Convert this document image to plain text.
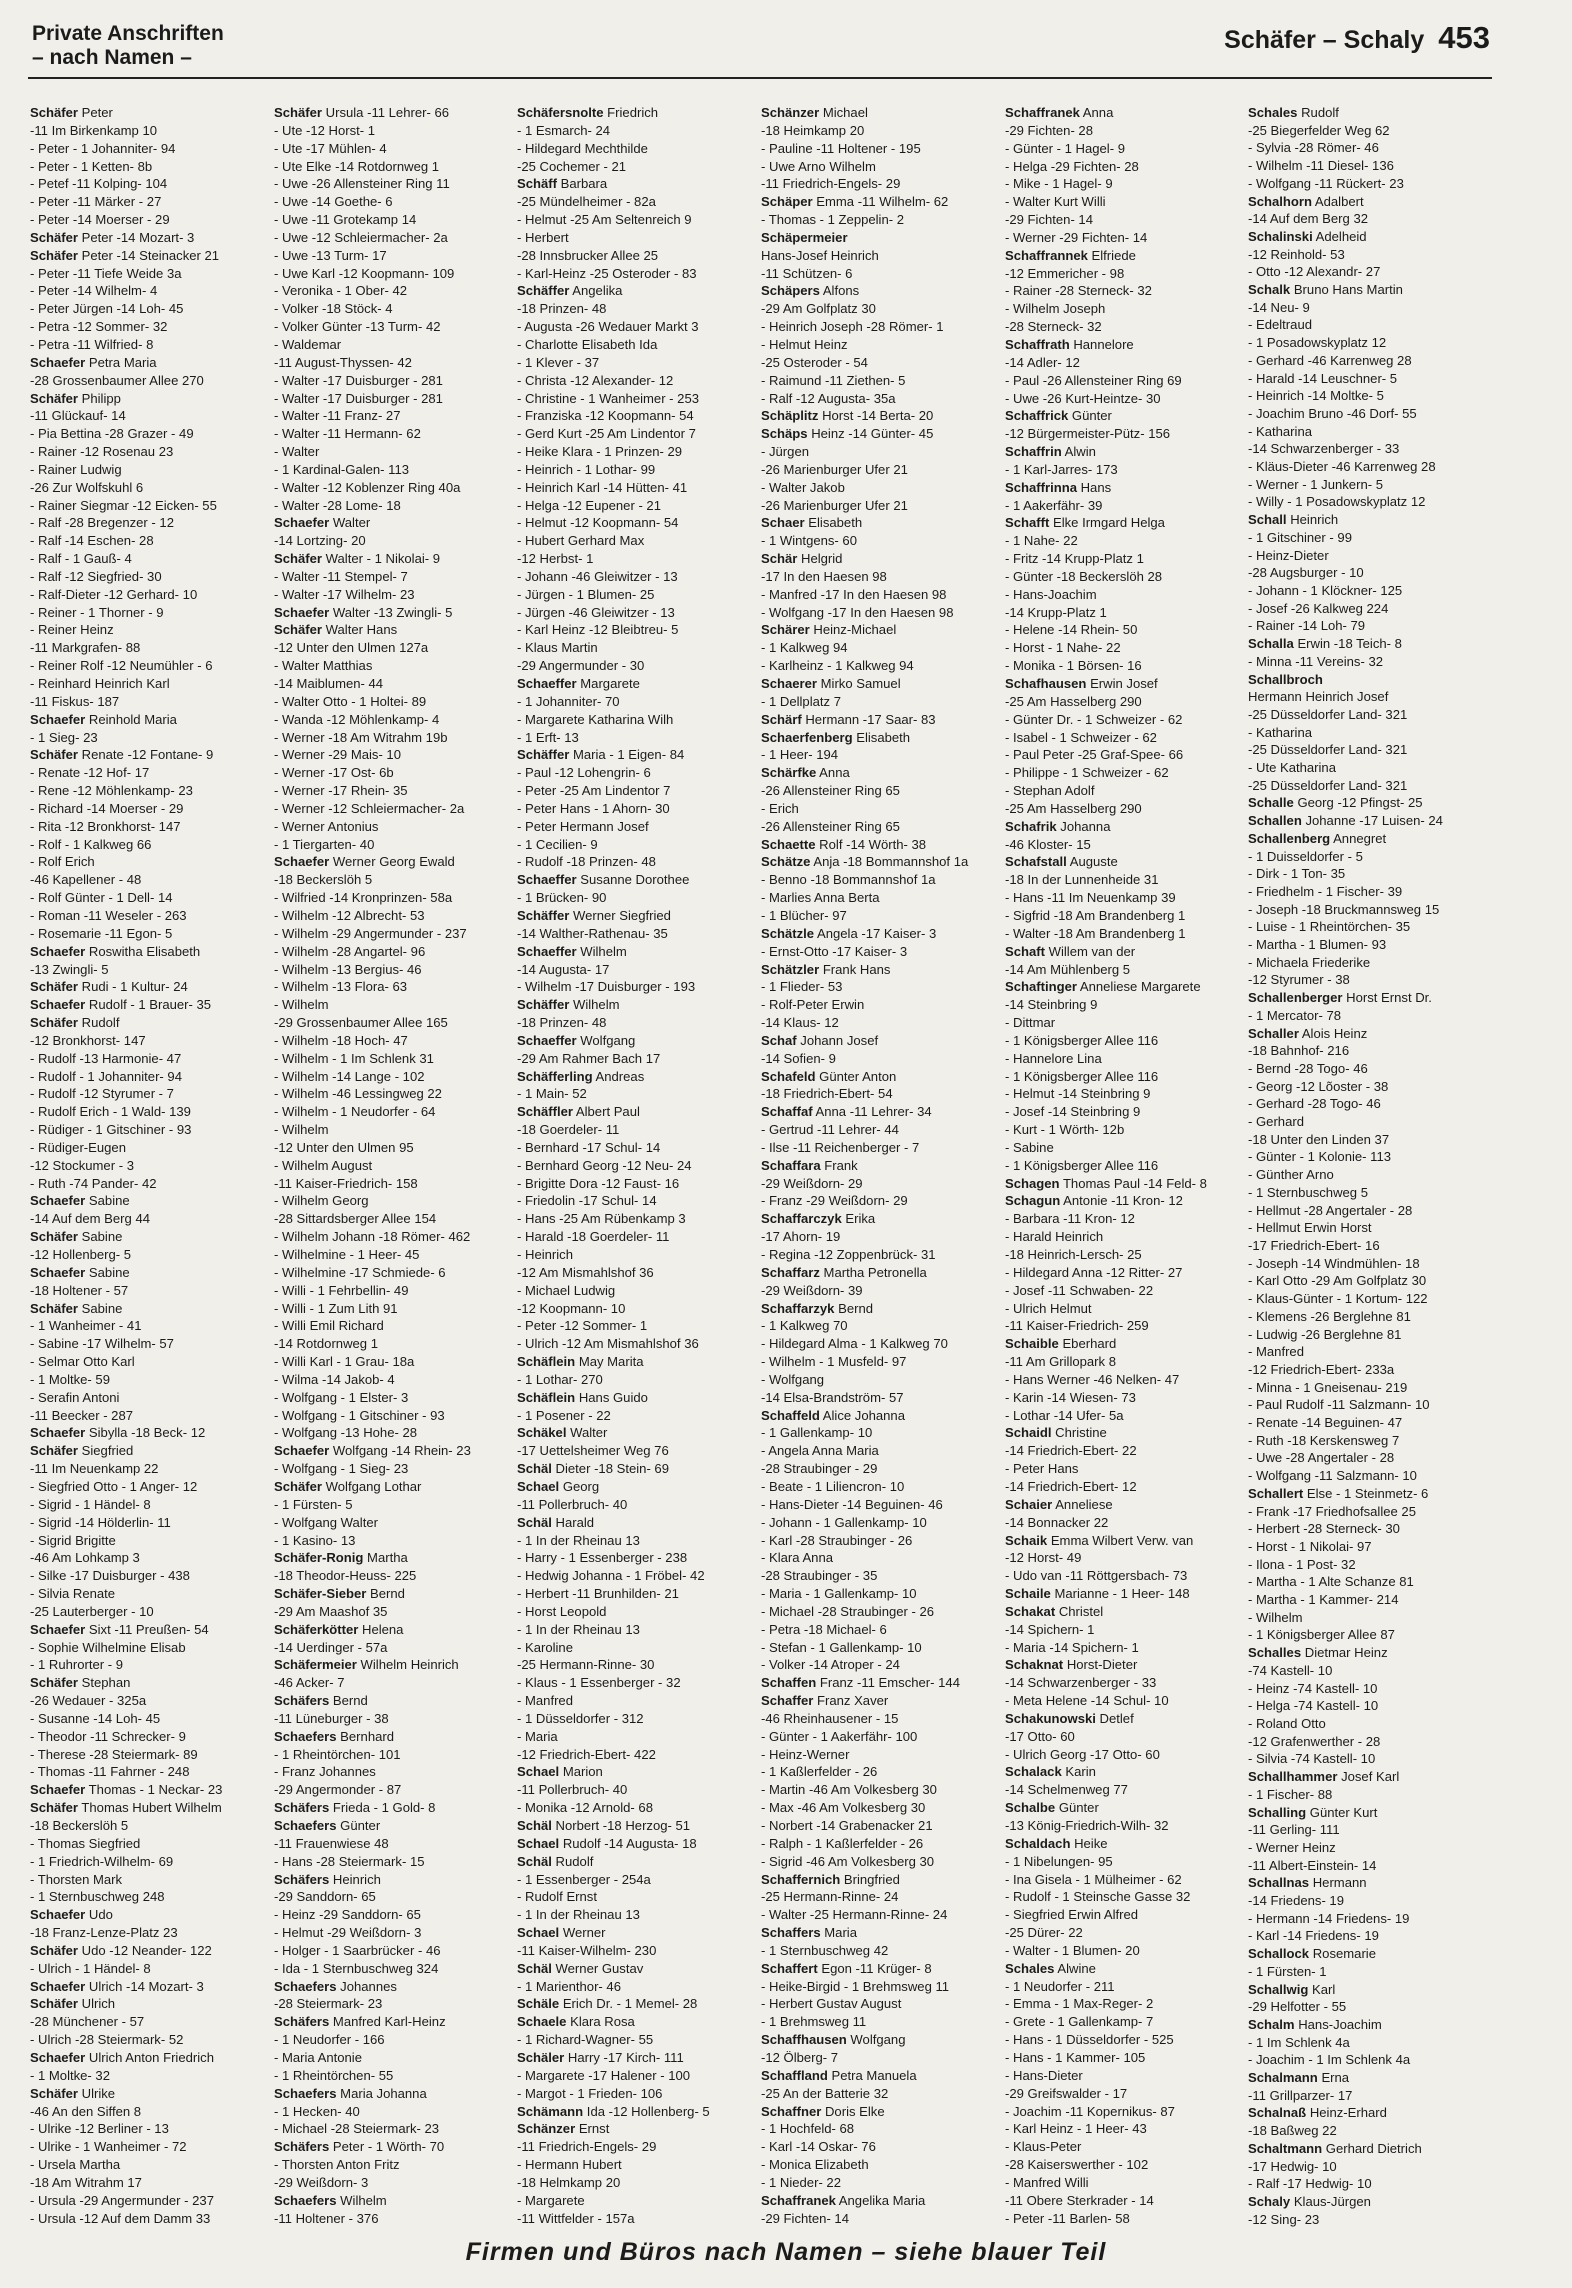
Private Anschriften
– nach Namen –
Schäfer – Schaly 453
Schäfer Peter
-11 Im Birkenkamp 10
- Peter - 1 Johanniter- 94
- Peter - 1 Ketten- 8b
- Petef -11 Kolping- 104
- Peter -11 Märker - 27
- Peter -14 Moerser - 29
Schäfer Peter -14 Mozart- 3
Schäfer Peter -14 Steinacker 21
- Peter -11 Tiefe Weide 3a
- Peter -14 Wilhelm- 4
- Peter Jürgen -14 Loh- 45
- Petra -12 Sommer- 32
- Petra -11 Wilfried- 8
Schaefer Petra Maria
-28 Grossenbaumer Allee 270
Schäfer Philipp
-11 Glückauf- 14
- Pia Bettina -28 Grazer - 49
- Rainer -12 Rosenau 23
- Rainer Ludwig
-26 Zur Wolfskuhl 6
- Rainer Siegmar -12 Eicken- 55
- Ralf -28 Bregenzer - 12
- Ralf -14 Eschen- 28
- Ralf - 1 Gauß- 4
- Ralf -12 Siegfried- 30
- Ralf-Dieter -12 Gerhard- 10
- Reiner - 1 Thorner - 9
- Reiner Heinz
-11 Markgrafen- 88
- Reiner Rolf -12 Neumühler - 6
- Reinhard Heinrich Karl
-11 Fiskus- 187
Schaefer Reinhold Maria
- 1 Sieg- 23
Schäfer Renate -12 Fontane- 9
- Renate -12 Hof- 17
- Rene -12 Möhlenkamp- 23
- Richard -14 Moerser - 29
- Rita -12 Bronkhorst- 147
- Rolf - 1 Kalkweg 66
- Rolf Erich
-46 Kapellener - 48
- Rolf Günter - 1 Dell- 14
- Roman -11 Weseler - 263
- Rosemarie -11 Egon- 5
Schaefer Roswitha Elisabeth
-13 Zwingli- 5
Schäfer Rudi - 1 Kultur- 24
Schaefer Rudolf - 1 Brauer- 35
Schäfer Rudolf
-12 Bronkhorst- 147
- Rudolf -13 Harmonie- 47
- Rudolf - 1 Johanniter- 94
- Rudolf -12 Styrumer - 7
- Rudolf Erich - 1 Wald- 139
- Rüdiger - 1 Gitschiner - 93
- Rüdiger-Eugen
-12 Stockumer - 3
- Ruth -74 Pander- 42
Schaefer Sabine
-14 Auf dem Berg 44
Schäfer Sabine
-12 Hollenberg- 5
Schaefer Sabine
-18 Holtener - 57
Schäfer Sabine
- 1 Wanheimer - 41
- Sabine -17 Wilhelm- 57
- Selmar Otto Karl
- 1 Moltke- 59
- Serafin Antoni
-11 Beecker - 287
Schaefer Sibylla -18 Beck- 12
Schäfer Siegfried
-11 Im Neuenkamp 22
- Siegfried Otto - 1 Anger- 12
- Sigrid - 1 Händel- 8
- Sigrid -14 Hölderlin- 11
- Sigrid Brigitte
-46 Am Lohkamp 3
- Silke -17 Duisburger - 438
- Silvia Renate
-25 Lauterberger - 10
Schaefer Sixt -11 Preußen- 54
- Sophie Wilhelmine Elisab
- 1 Ruhrorter - 9
Schäfer Stephan
-26 Wedauer - 325a
- Susanne -14 Loh- 45
- Theodor -11 Schrecker- 9
- Therese -28 Steiermark- 89
- Thomas -11 Fahrner - 248
Schaefer Thomas - 1 Neckar- 23
Schäfer Thomas Hubert Wilhelm
-18 Beckerslöh 5
- Thomas Siegfried
- 1 Friedrich-Wilhelm- 69
- Thorsten Mark
- 1 Sternbuschweg 248
Schaefer Udo
-18 Franz-Lenze-Platz 23
Schäfer Udo -12 Neander- 122
- Ulrich - 1 Händel- 8
Schaefer Ulrich -14 Mozart- 3
Schäfer Ulrich
-28 Münchener - 57
- Ulrich -28 Steiermark- 52
Schaefer Ulrich Anton Friedrich
- 1 Moltke- 32
Schäfer Ulrike
-46 An den Siffen 8
- Ulrike -12 Berliner - 13
- Ulrike - 1 Wanheimer - 72
- Ursela Martha
-18 Am Witrahm 17
- Ursula -29 Angermunder - 237
- Ursula -12 Auf dem Damm 33
Schäfer Ursula -11 Lehrer- 66
- Ute -12 Horst- 1
- Ute -17 Mühlen- 4
- Ute Elke -14 Rotdornweg 1
- Uwe -26 Allensteiner Ring 11
- Uwe -14 Goethe- 6
- Uwe -11 Grotekamp 14
- Uwe -12 Schleiermacher- 2a
- Uwe -13 Turm- 17
- Uwe Karl -12 Koopmann- 109
- Veronika - 1 Ober- 42
- Volker -18 Stöck- 4
- Volker Günter -13 Turm- 42
- Waldemar
-11 August-Thyssen- 42
- Walter -17 Duisburger - 281
- Walter -17 Duisburger - 281
- Walter -11 Franz- 27
- Walter -11 Hermann- 62
- Walter
- 1 Kardinal-Galen- 113
- Walter -12 Koblenzer Ring 40a
- Walter -28 Lome- 18
Schaefer Walter
-14 Lortzing- 20
Schäfer Walter - 1 Nikolai- 9
- Walter -11 Stempel- 7
- Walter -17 Wilhelm- 23
Schaefer Walter -13 Zwingli- 5
Schäfer Walter Hans
-12 Unter den Ulmen 127a
- Walter Matthias
-14 Maiblumen- 44
- Walter Otto - 1 Holtei- 89
- Wanda -12 Möhlenkamp- 4
- Werner -18 Am Witrahm 19b
- Werner -29 Mais- 10
- Werner -17 Ost- 6b
- Werner -17 Rhein- 35
- Werner -12 Schleiermacher- 2a
- Werner Antonius
- 1 Tiergarten- 40
Schaefer Werner Georg Ewald
-18 Beckerslöh 5
- Wilfried -14 Kronprinzen- 58a
- Wilhelm -12 Albrecht- 53
- Wilhelm -29 Angermunder - 237
- Wilhelm -28 Angartel- 96
- Wilhelm -13 Bergius- 46
- Wilhelm -13 Flora- 63
- Wilhelm
-29 Grossenbaumer Allee 165
- Wilhelm -18 Hoch- 47
- Wilhelm - 1 Im Schlenk 31
- Wilhelm -14 Lange - 102
- Wilhelm -46 Lessingweg 22
- Wilhelm - 1 Neudorfer - 64
- Wilhelm
-12 Unter den Ulmen 95
- Wilhelm August
-11 Kaiser-Friedrich- 158
- Wilhelm Georg
-28 Sittardsberger Allee 154
- Wilhelm Johann -18 Römer- 462
- Wilhelmine - 1 Heer- 45
- Wilhelmine -17 Schmiede- 6
- Willi - 1 Fehrbellin- 49
- Willi - 1 Zum Lith 91
- Willi Emil Richard
-14 Rotdornweg 1
- Willi Karl - 1 Grau- 18a
- Wilma -14 Jakob- 4
- Wolfgang - 1 Elster- 3
- Wolfgang - 1 Gitschiner - 93
- Wolfgang -13 Hohe- 28
Schaefer Wolfgang -14 Rhein- 23
- Wolfgang - 1 Sieg- 23
Schäfer Wolfgang Lothar
- 1 Fürsten- 5
- Wolfgang Walter
- 1 Kasino- 13
Schäfer-Ronig Martha
-18 Theodor-Heuss- 225
Schäfer-Sieber Bernd
-29 Am Maashof 35
Schäferkötter Helena
-14 Uerdinger - 57a
Schäfermeier Wilhelm Heinrich
-46 Acker- 7
Schäfers Bernd
-11 Lüneburger - 38
Schaefers Bernhard
- 1 Rheintörchen- 101
- Franz Johannes
-29 Angermonder - 87
Schäfers Frieda - 1 Gold- 8
Schaefers Günter
-11 Frauenwiese 48
- Hans -28 Steiermark- 15
Schäfers Heinrich
-29 Sanddorn- 65
- Heinz -29 Sanddorn- 65
- Helmut -29 Weißdorn- 3
- Holger - 1 Saarbrücker - 46
- Ida - 1 Sternbuschweg 324
Schaefers Johannes
-28 Steiermark- 23
Schäfers Manfred Karl-Heinz
- 1 Neudorfer - 166
- Maria Antonie
- 1 Rheintörchen- 55
Schaefers Maria Johanna
- 1 Hecken- 40
- Michael -28 Steiermark- 23
Schäfers Peter - 1 Wörth- 70
- Thorsten Anton Fritz
-29 Weißdorn- 3
Schaefers Wilhelm
-11 Holtener - 376
Schäfersnolte Friedrich
- 1 Esmarch- 24
- Hildegard Mechthilde
-25 Cochemer - 21
Schäff Barbara
-25 Mündelheimer - 82a
- Helmut -25 Am Seltenreich 9
- Herbert
-28 Innsbrucker Allee 25
- Karl-Heinz -25 Osteroder - 83
Schäffer Angelika
-18 Prinzen- 48
- Augusta -26 Wedauer Markt 3
- Charlotte Elisabeth Ida
- 1 Klever - 37
- Christa -12 Alexander- 12
- Christine - 1 Wanheimer - 253
- Franziska -12 Koopmann- 54
- Gerd Kurt -25 Am Lindentor 7
- Heike Klara - 1 Prinzen- 29
- Heinrich - 1 Lothar- 99
- Heinrich Karl -14 Hütten- 41
- Helga -12 Eupener - 21
- Helmut -12 Koopmann- 54
- Hubert Gerhard Max
-12 Herbst- 1
- Johann -46 Gleiwitzer - 13
- Jürgen - 1 Blumen- 25
- Jürgen -46 Gleiwitzer - 13
- Karl Heinz -12 Bleibtreu- 5
- Klaus Martin
-29 Angermunder - 30
Schaeffer Margarete
- 1 Johanniter- 70
- Margarete Katharina Wilh
- 1 Erft- 13
Schäffer Maria - 1 Eigen- 84
- Paul -12 Lohengrin- 6
- Peter -25 Am Lindentor 7
- Peter Hans - 1 Ahorn- 30
- Peter Hermann Josef
- 1 Cecilien- 9
- Rudolf -18 Prinzen- 48
Schaeffer Susanne Dorothee
- 1 Brücken- 90
Schäffer Werner Siegfried
-14 Walther-Rathenau- 35
Schaeffer Wilhelm
-14 Augusta- 17
- Wilhelm -17 Duisburger - 193
Schäffer Wilhelm
-18 Prinzen- 48
Schaeffer Wolfgang
-29 Am Rahmer Bach 17
Schäfferling Andreas
- 1 Main- 52
Schäffler Albert Paul
-18 Goerdeler- 11
- Bernhard -17 Schul- 14
- Bernhard Georg -12 Neu- 24
- Brigitte Dora -12 Faust- 16
- Friedolin -17 Schul- 14
- Hans -25 Am Rübenkamp 3
- Harald -18 Goerdeler- 11
- Heinrich
-12 Am Mismahlshof 36
- Michael Ludwig
-12 Koopmann- 10
- Peter -12 Sommer- 1
- Ulrich -12 Am Mismahlshof 36
Schäflein May Marita
- 1 Lothar- 270
Schäflein Hans Guido
- 1 Posener - 22
Schäkel Walter
-17 Uettelsheimer Weg 76
Schäl Dieter -18 Stein- 69
Schael Georg
-11 Pollerbruch- 40
Schäl Harald
- 1 In der Rheinau 13
- Harry - 1 Essenberger - 238
- Hedwig Johanna - 1 Fröbel- 42
- Herbert -11 Brunhilden- 21
- Horst Leopold
- 1 In der Rheinau 13
- Karoline
-25 Hermann-Rinne- 30
- Klaus - 1 Essenberger - 32
- Manfred
- 1 Düsseldorfer - 312
- Maria
-12 Friedrich-Ebert- 422
Schael Marion
-11 Pollerbruch- 40
- Monika -12 Arnold- 68
Schäl Norbert -18 Herzog- 51
Schael Rudolf -14 Augusta- 18
Schäl Rudolf
- 1 Essenberger - 254a
- Rudolf Ernst
- 1 In der Rheinau 13
Schael Werner
-11 Kaiser-Wilhelm- 230
Schäl Werner Gustav
- 1 Marienthor- 46
Schäle Erich Dr. - 1 Memel- 28
Schaele Klara Rosa
- 1 Richard-Wagner- 55
Schäler Harry -17 Kirch- 111
- Margarete -17 Halener - 100
- Margot - 1 Frieden- 106
Schämann Ida -12 Hollenberg- 5
Schänzer Ernst
-11 Friedrich-Engels- 29
- Hermann Hubert
-18 Helmkamp 20
- Margarete
-11 Wittfelder - 157a
Schänzer Michael
-18 Heimkamp 20
- Pauline -11 Holtener - 195
- Uwe Arno Wilhelm
-11 Friedrich-Engels- 29
Schäper Emma -11 Wilhelm- 62
- Thomas - 1 Zeppelin- 2
Schäpermeier
Hans-Josef Heinrich
-11 Schützen- 6
Schäpers Alfons
-29 Am Golfplatz 30
- Heinrich Joseph -28 Römer- 1
- Helmut Heinz
-25 Osteroder - 54
- Raimund -11 Ziethen- 5
- Ralf -12 Augusta- 35a
Schäplitz Horst -14 Berta- 20
Schäps Heinz -14 Günter- 45
- Jürgen
-26 Marienburger Ufer 21
- Walter Jakob
-26 Marienburger Ufer 21
Schaer Elisabeth
- 1 Wintgens- 60
Schär Helgrid
-17 In den Haesen 98
- Manfred -17 In den Haesen 98
- Wolfgang -17 In den Haesen 98
Schärer Heinz-Michael
- 1 Kalkweg 94
- Karlheinz - 1 Kalkweg 94
Schaerer Mirko Samuel
- 1 Dellplatz 7
Schärf Hermann -17 Saar- 83
Schaerfenberg Elisabeth
- 1 Heer- 194
Schärfke Anna
-26 Allensteiner Ring 65
- Erich
-26 Allensteiner Ring 65
Schaette Rolf -14 Wörth- 38
Schätze Anja -18 Bommannshof 1a
- Benno -18 Bommannshof 1a
- Marlies Anna Berta
- 1 Blücher- 97
Schätzle Angela -17 Kaiser- 3
- Ernst-Otto -17 Kaiser- 3
Schätzler Frank Hans
- 1 Flieder- 53
- Rolf-Peter Erwin
-14 Klaus- 12
Schaf Johann Josef
-14 Sofien- 9
Schafeld Günter Anton
-18 Friedrich-Ebert- 54
Schaffaf Anna -11 Lehrer- 34
- Gertrud -11 Lehrer- 44
- Ilse -11 Reichenberger - 7
Schaffara Frank
-29 Weißdorn- 29
- Franz -29 Weißdorn- 29
Schaffarczyk Erika
-17 Ahorn- 19
- Regina -12 Zoppenbrück- 31
Schaffarz Martha Petronella
-29 Weißdorn- 39
Schaffarzyk Bernd
- 1 Kalkweg 70
- Hildegard Alma - 1 Kalkweg 70
- Wilhelm - 1 Musfeld- 97
- Wolfgang
-14 Elsa-Brandström- 57
Schaffeld Alice Johanna
- 1 Gallenkamp- 10
- Angela Anna Maria
-28 Straubinger - 29
- Beate - 1 Liliencron- 10
- Hans-Dieter -14 Beguinen- 46
- Johann - 1 Gallenkamp- 10
- Karl -28 Straubinger - 26
- Klara Anna
-28 Straubinger - 35
- Maria - 1 Gallenkamp- 10
- Michael -28 Straubinger - 26
- Petra -18 Michael- 6
- Stefan - 1 Gallenkamp- 10
- Volker -14 Atroper - 24
Schaffen Franz -11 Emscher- 144
Schaffer Franz Xaver
-46 Rheinhausener - 15
- Günter - 1 Aakerfähr- 100
- Heinz-Werner
- 1 Kaßlerfelder - 26
- Martin -46 Am Volkesberg 30
- Max -46 Am Volkesberg 30
- Norbert -14 Grabenacker 21
- Ralph - 1 Kaßlerfelder - 26
- Sigrid -46 Am Volkesberg 30
Schaffernich Bringfried
-25 Hermann-Rinne- 24
- Walter -25 Hermann-Rinne- 24
Schaffers Maria
- 1 Sternbuschweg 42
Schaffert Egon -11 Krüger- 8
- Heike-Birgid - 1 Brehmsweg 11
- Herbert Gustav August
- 1 Brehmsweg 11
Schaffhausen Wolfgang
-12 Ölberg- 7
Schaffland Petra Manuela
-25 An der Batterie 32
Schaffner Doris Elke
- 1 Hochfeld- 68
- Karl -14 Oskar- 76
- Monica Elizabeth
- 1 Nieder- 22
Schaffranek Angelika Maria
-29 Fichten- 14
Schaffranek Anna
-29 Fichten- 28
- Günter - 1 Hagel- 9
- Helga -29 Fichten- 28
- Mike - 1 Hagel- 9
- Walter Kurt Willi
-29 Fichten- 14
- Werner -29 Fichten- 14
Schaffrannek Elfriede
-12 Emmericher - 98
- Rainer -28 Sterneck- 32
- Wilhelm Joseph
-28 Sterneck- 32
Schaffrath Hannelore
-14 Adler- 12
- Paul -26 Allensteiner Ring 69
- Uwe -26 Kurt-Heintze- 30
Schaffrick Günter
-12 Bürgermeister-Pütz- 156
Schaffrin Alwin
- 1 Karl-Jarres- 173
Schaffrinna Hans
- 1 Aakerfähr- 39
Schafft Elke Irmgard Helga
- 1 Nahe- 22
- Fritz -14 Krupp-Platz 1
- Günter -18 Beckerslöh 28
- Hans-Joachim
-14 Krupp-Platz 1
- Helene -14 Rhein- 50
- Horst - 1 Nahe- 22
- Monika - 1 Börsen- 16
Schafhausen Erwin Josef
-25 Am Hasselberg 290
- Günter Dr. - 1 Schweizer - 62
- Isabel - 1 Schweizer - 62
- Paul Peter -25 Graf-Spee- 66
- Philippe - 1 Schweizer - 62
- Stephan Adolf
-25 Am Hasselberg 290
Schafrik Johanna
-46 Kloster- 15
Schafstall Auguste
-18 In der Lunnenheide 31
- Hans -11 Im Neuenkamp 39
- Sigfrid -18 Am Brandenberg 1
- Walter -18 Am Brandenberg 1
Schaft Willem van der
-14 Am Mühlenberg 5
Schaftinger Anneliese Margarete
-14 Steinbring 9
- Dittmar
- 1 Königsberger Allee 116
- Hannelore Lina
- 1 Königsberger Allee 116
- Helmut -14 Steinbring 9
- Josef -14 Steinbring 9
- Kurt - 1 Wörth- 12b
- Sabine
- 1 Königsberger Allee 116
Schagen Thomas Paul -14 Feld- 8
Schagun Antonie -11 Kron- 12
- Barbara -11 Kron- 12
- Harald Heinrich
-18 Heinrich-Lersch- 25
- Hildegard Anna -12 Ritter- 27
- Josef -11 Schwaben- 22
- Ulrich Helmut
-11 Kaiser-Friedrich- 259
Schaible Eberhard
-11 Am Grillopark 8
- Hans Werner -46 Nelken- 47
- Karin -14 Wiesen- 73
- Lothar -14 Ufer- 5a
Schaidl Christine
-14 Friedrich-Ebert- 22
- Peter Hans
-14 Friedrich-Ebert- 12
Schaier Anneliese
-14 Bonnacker 22
Schaik Emma Wilbert Verw. van
-12 Horst- 49
- Udo van -11 Röttgersbach- 73
Schaile Marianne - 1 Heer- 148
Schakat Christel
-14 Spichern- 1
- Maria -14 Spichern- 1
Schaknat Horst-Dieter
-14 Schwarzenberger - 33
- Meta Helene -14 Schul- 10
Schakunowski Detlef
-17 Otto- 60
- Ulrich Georg -17 Otto- 60
Schalack Karin
-14 Schelmenweg 77
Schalbe Günter
-13 König-Friedrich-Wilh- 32
Schaldach Heike
- 1 Nibelungen- 95
- Ina Gisela - 1 Mülheimer - 62
- Rudolf - 1 Steinsche Gasse 32
- Siegfried Erwin Alfred
-25 Dürer- 22
- Walter - 1 Blumen- 20
Schales Alwine
- 1 Neudorfer - 211
- Emma - 1 Max-Reger- 2
- Grete - 1 Gallenkamp- 7
- Hans - 1 Düsseldorfer - 525
- Hans - 1 Kammer- 105
- Hans-Dieter
-29 Greifswalder - 17
- Joachim -11 Kopernikus- 87
- Karl Heinz - 1 Heer- 43
- Klaus-Peter
-28 Kaiserswerther - 102
- Manfred Willi
-11 Obere Sterkrader - 14
- Peter -11 Barlen- 58
Schales Rudolf
-25 Biegerfelder Weg 62
- Sylvia -28 Römer- 46
- Wilhelm -11 Diesel- 136
- Wolfgang -11 Rückert- 23
Schalhorn Adalbert
-14 Auf dem Berg 32
Schalinski Adelheid
-12 Reinhold- 53
- Otto -12 Alexandr- 27
Schalk Bruno Hans Martin
-14 Neu- 9
- Edeltraud
- 1 Posadowskyplatz 12
- Gerhard -46 Karrenweg 28
- Harald -14 Leuschner- 5
- Heinrich -14 Moltke- 5
- Joachim Bruno -46 Dorf- 55
- Katharina
-14 Schwarzenberger - 33
- Kläus-Dieter -46 Karrenweg 28
- Werner - 1 Junkern- 5
- Willy - 1 Posadowskyplatz 12
Schall Heinrich
- 1 Gitschiner - 99
- Heinz-Dieter
-28 Augsburger - 10
- Johann - 1 Klöckner- 125
- Josef -26 Kalkweg 224
- Rainer -14 Loh- 79
Schalla Erwin -18 Teich- 8
- Minna -11 Vereins- 32
Schallbroch
Hermann Heinrich Josef
-25 Düsseldorfer Land- 321
- Katharina
-25 Düsseldorfer Land- 321
- Ute Katharina
-25 Düsseldorfer Land- 321
Schalle Georg -12 Pfingst- 25
Schallen Johanne -17 Luisen- 24
Schallenberg Annegret
- 1 Duisseldorfer - 5
- Dirk - 1 Ton- 35
- Friedhelm - 1 Fischer- 39
- Joseph -18 Bruckmannsweg 15
- Luise - 1 Rheintörchen- 35
- Martha - 1 Blumen- 93
- Michaela Friederike
-12 Styrumer - 38
Schallenberger Horst Ernst Dr.
- 1 Mercator- 78
Schaller Alois Heinz
-18 Bahnhof- 216
- Bernd -28 Togo- 46
- Georg -12 Lõoster - 38
- Gerhard -28 Togo- 46
- Gerhard
-18 Unter den Linden 37
- Günter - 1 Kolonie- 113
- Günther Arno
- 1 Sternbuschweg 5
- Hellmut -28 Angertaler - 28
- Hellmut Erwin Horst
-17 Friedrich-Ebert- 16
- Joseph -14 Windmühlen- 18
- Karl Otto -29 Am Golfplatz 30
- Klaus-Günter - 1 Kortum- 122
- Klemens -26 Berglehne 81
- Ludwig -26 Berglehne 81
- Manfred
-12 Friedrich-Ebert- 233a
- Minna - 1 Gneisenau- 219
- Paul Rudolf -11 Salzmann- 10
- Renate -14 Beguinen- 47
- Ruth -18 Kerskensweg 7
- Uwe -28 Angertaler - 28
- Wolfgang -11 Salzmann- 10
Schallert Else - 1 Steinmetz- 6
- Frank -17 Friedhofsallee 25
- Herbert -28 Sterneck- 30
- Horst - 1 Nikolai- 97
- Ilona - 1 Post- 32
- Martha - 1 Alte Schanze 81
- Martha - 1 Kammer- 214
- Wilhelm
- 1 Königsberger Allee 87
Schalles Dietmar Heinz
-74 Kastell- 10
- Heinz -74 Kastell- 10
- Helga -74 Kastell- 10
- Roland Otto
-12 Grafenwerther - 28
- Silvia -74 Kastell- 10
Schallhammer Josef Karl
- 1 Fischer- 88
Schalling Günter Kurt
-11 Gerling- 111
- Werner Heinz
-11 Albert-Einstein- 14
Schallnas Hermann
-14 Friedens- 19
- Hermann -14 Friedens- 19
- Karl -14 Friedens- 19
Schallock Rosemarie
- 1 Fürsten- 1
Schallwig Karl
-29 Helfotter - 55
Schalm Hans-Joachim
- 1 Im Schlenk 4a
- Joachim - 1 Im Schlenk 4a
Schalmann Erna
-11 Grillparzer- 17
Schalnaß Heinz-Erhard
-18 Baßweg 22
Schaltmann Gerhard Dietrich
-17 Hedwig- 10
- Ralf -17 Hedwig- 10
Schaly Klaus-Jürgen
-12 Sing- 23
Firmen und Büros nach Namen – siehe blauer Teil
